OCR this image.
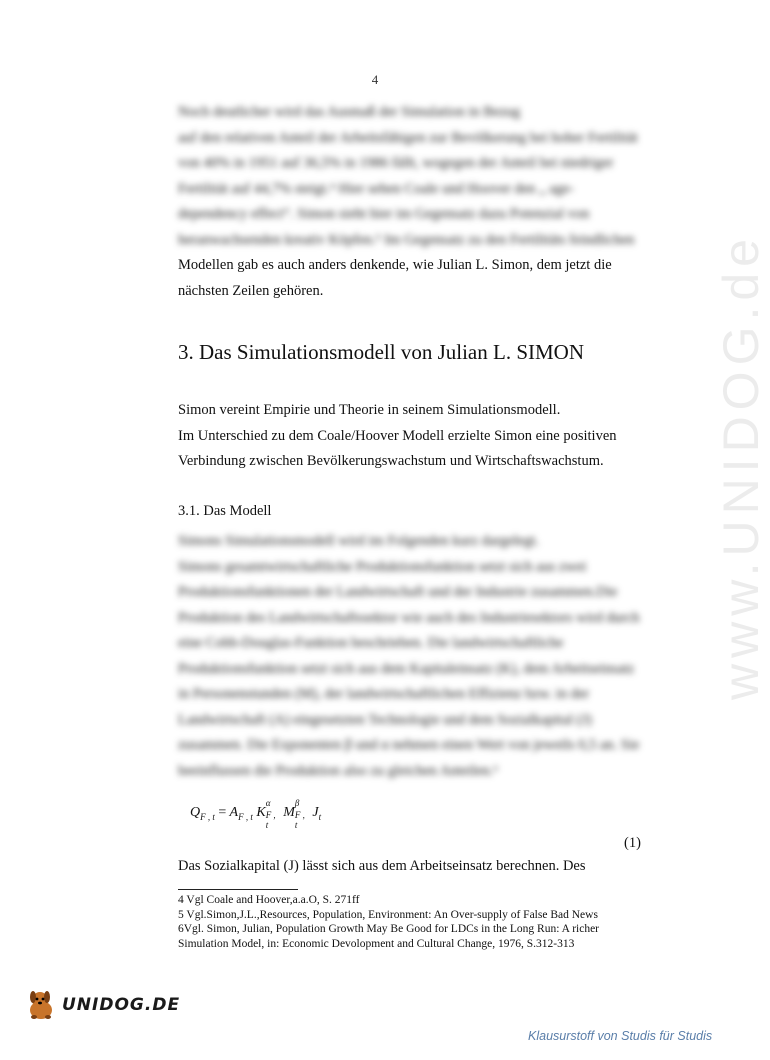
4
www.UNIDOG.de
Noch deutlicher wird das Ausmaß der Simulation in Bezug
auf den relativen Anteil der Arbeitsfähigen zur Bevölkerung bei hoher Fertilität
von 40% in 1951 auf 36,5% in 1986 fällt, wogegen der Anteil bei niedriger
Fertilität auf 44,7% steigt.⁴ Hier sehen Coale und Hoover den „ age-
dependency effect“. Simon sieht hier im Gegensatz dazu Potenzial von
heranwachsenden kreativ Köpfen.⁵ Im Gegensatz zu den Fertilitäts feindlichen
Modellen gab es auch anders denkende, wie Julian L. Simon, dem jetzt die
nächsten Zeilen gehören.
3. Das Simulationsmodell von Julian L. SIMON
Simon vereint Empirie und Theorie in seinem Simulationsmodell.
Im Unterschied zu dem Coale/Hoover Modell erzielte Simon eine positiven
Verbindung zwischen Bevölkerungswachstum und Wirtschaftswachstum.
3.1. Das Modell
Simons Simulationsmodell wird im Folgenden kurz dargelegt.
Simons gesamtwirtschaftliche Produktionsfunktion setzt sich aus zwei
Produktionsfunktionen der Landwirtschaft und der Industrie zusammen.Die
Produktion des Landwirtschaftssektor wie auch des Industriesektors wird durch
eine Cobb-Douglas-Funktion beschrieben. Die landwirtschaftliche
Produktionsfunktion setzt sich aus dem Kapitaleinsatz (K), dem Arbeitseinsatz
in Personenstunden (M), der landwirtschaftlichen Effizienz bzw. in der
Landwirtschaft (A) eingesetzten Technologie und dem Sozialkapital (J)
zusammen. Die Exponenten β und α nehmen einen Wert von jeweils 0,5 an. Sie
beeinflussen die Produktion also zu gleichen Anteilen.⁶
$Q_{F , t} = A_{F , t}$ K
α
F , t
M
β
F , t
$J_t$
(1)
Das Sozialkapital (J) lässt sich aus dem Arbeitseinsatz berechnen. Des
4 Vgl Coale and Hoover,a.a.O, S. 271ff
5 Vgl.Simon,J.L.,Resources, Population, Environment: An Over-supply of False Bad News
6Vgl. Simon, Julian, Population Growth May Be Good for LDCs in the Long Run: A richer
Simulation Model, in: Economic Devolopment and Cultural Change, 1976, S.312-313
UNIDOG.DE
Klausurstoff von Studis für Studis
